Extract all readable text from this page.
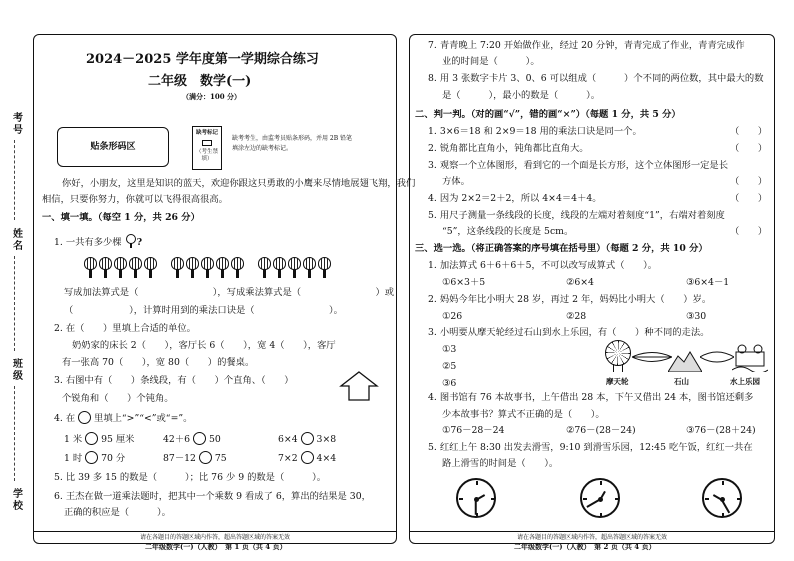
考号
姓名
班级
学校
请在各题目的答题区域内作答，超出答题区域的答案无效
2024－2025 学年度第一学期综合练习
二年级　数学(一)
（满分：100 分）
贴条形码区
缺考标记
（考生禁填）
缺考考生，由监考员贴条形码，并用 2B 铅笔
填涂左边的缺考标记。
你好，小朋友，这里是知识的蓝天，欢迎你跟这只勇敢的小鹰来尽情地展翅飞翔，我们
相信，只要你努力，你就可以飞得很高很高。
一、填一填。（每空 1 分，共 26 分）
1. 一共有多少棵 ?
写成加法算式是（　　　　　　　　），写成乘法算式是（　　　　　　　　）或
（　　　　　　），计算时用到的乘法口诀是（　　　　　　　　）。
2. 在（　　）里填上合适的单位。
奶奶家的床长 2（　　），客厅长 6（　　），宽 4（　　），客厅
有一张高 70（　　），宽 80（　　）的餐桌。
3. 右图中有（　　）条线段，有（　　）个直角、（　　）
个锐角和（　　）个钝角。
4. 在  里填上“>”“<”或“=”。
1 米  95 厘米	42＋6  50	6×4  3×8
1 时  70 分	87－12  75	7×2  4×4
5. 比 39 多 15 的数是（　　　）；比 76 少 9 的数是（　　　）。
6. 王杰在做一道乘法题时，把其中一个乘数 9 看成了 6，算出的结果是 30，
正确的积应是（　　　）。
二年级数学(一)（人教）　第 1 页（共 4 页）
请在各题目的答题区域内作答，超出答题区域的答案无效
7. 青青晚上 7:20 开始做作业，经过 20 分钟，青青完成了作业，青青完成作
业的时间是（　　　）。
8. 用 3 张数字卡片 3、0、6 可以组成（　　　）个不同的两位数，其中最大的数
是（　　　），最小的数是（　　　）。
二、判一判。（对的画“√”，错的画“×”）（每题 1 分，共 5 分）
1. 3×6＝18 和 2×9＝18 用的乘法口诀是同一个。	（　　）
2. 锐角都比直角小，钝角都比直角大。	（　　）
3. 观察一个立体图形，看到它的一个面是长方形，这个立体图形一定是长
方体。	（　　）
4. 因为 2×2＝2＋2，所以 4×4＝4＋4。	（　　）
5. 用尺子测量一条线段的长度，线段的左端对着刻度“1”，右端对着刻度
“5”，这条线段的长度是 5cm。	（　　）
三、选一选。（将正确答案的序号填在括号里）（每题 2 分，共 10 分）
1. 加法算式 6＋6＋6＋5，不可以改写成算式（　　）。
①6×3＋5	②6×4	③6×4－1
2. 妈妈今年比小明大 28 岁，再过 2 年，妈妈比小明大（　　）岁。
①26	②28	③30
3. 小明要从摩天轮经过石山到水上乐园，有（　　）种不同的走法。
①3
②5
③6	摩天轮	石山	水上乐园
4. 图书馆有 76 本故事书，上午借出 28 本，下午又借出 24 本，图书馆还剩多
少本故事书？算式不正确的是（　　）。
①76－28－24	②76－(28－24)	③76－(28＋24)
5. 红红上午 8:30 出发去滑雪，9:10 到滑雪乐园，12:45 吃午饭，红红一共在
路上滑雪的时间是（　　）。
二年级数学(一)（人教）　第 2 页（共 4 页）
